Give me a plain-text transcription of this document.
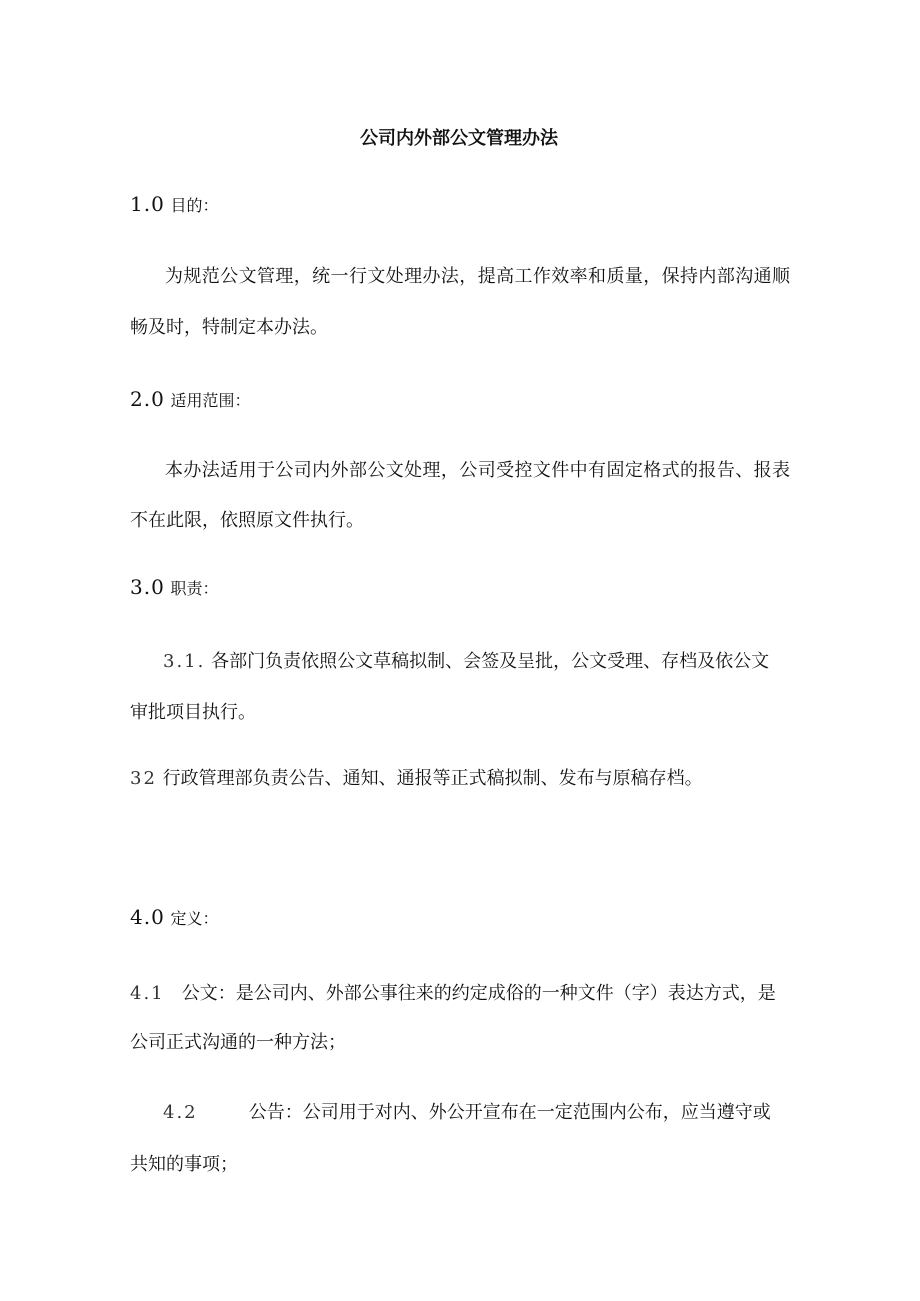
公司内外部公文管理办法
1.0 目的：
为规范公文管理，统一行文处理办法，提高工作效率和质量，保持内部沟通顺
畅及时，特制定本办法。
2.0 适用范围：
本办法适用于公司内外部公文处理，公司受控文件中有固定格式的报告、报表
不在此限，依照原文件执行。
3.0 职责：
3.1. 各部门负责依照公文草稿拟制、会签及呈批，公文受理、存档及依公文
审批项目执行。
32 行政管理部负责公告、通知、通报等正式稿拟制、发布与原稿存档。
4.0 定义：
4.1 公文：是公司内、外部公事往来的约定成俗的一种文件（字）表达方式，是
公司正式沟通的一种方法；
4.2	公告：公司用于对内、外公开宣布在一定范围内公布，应当遵守或
共知的事项；
